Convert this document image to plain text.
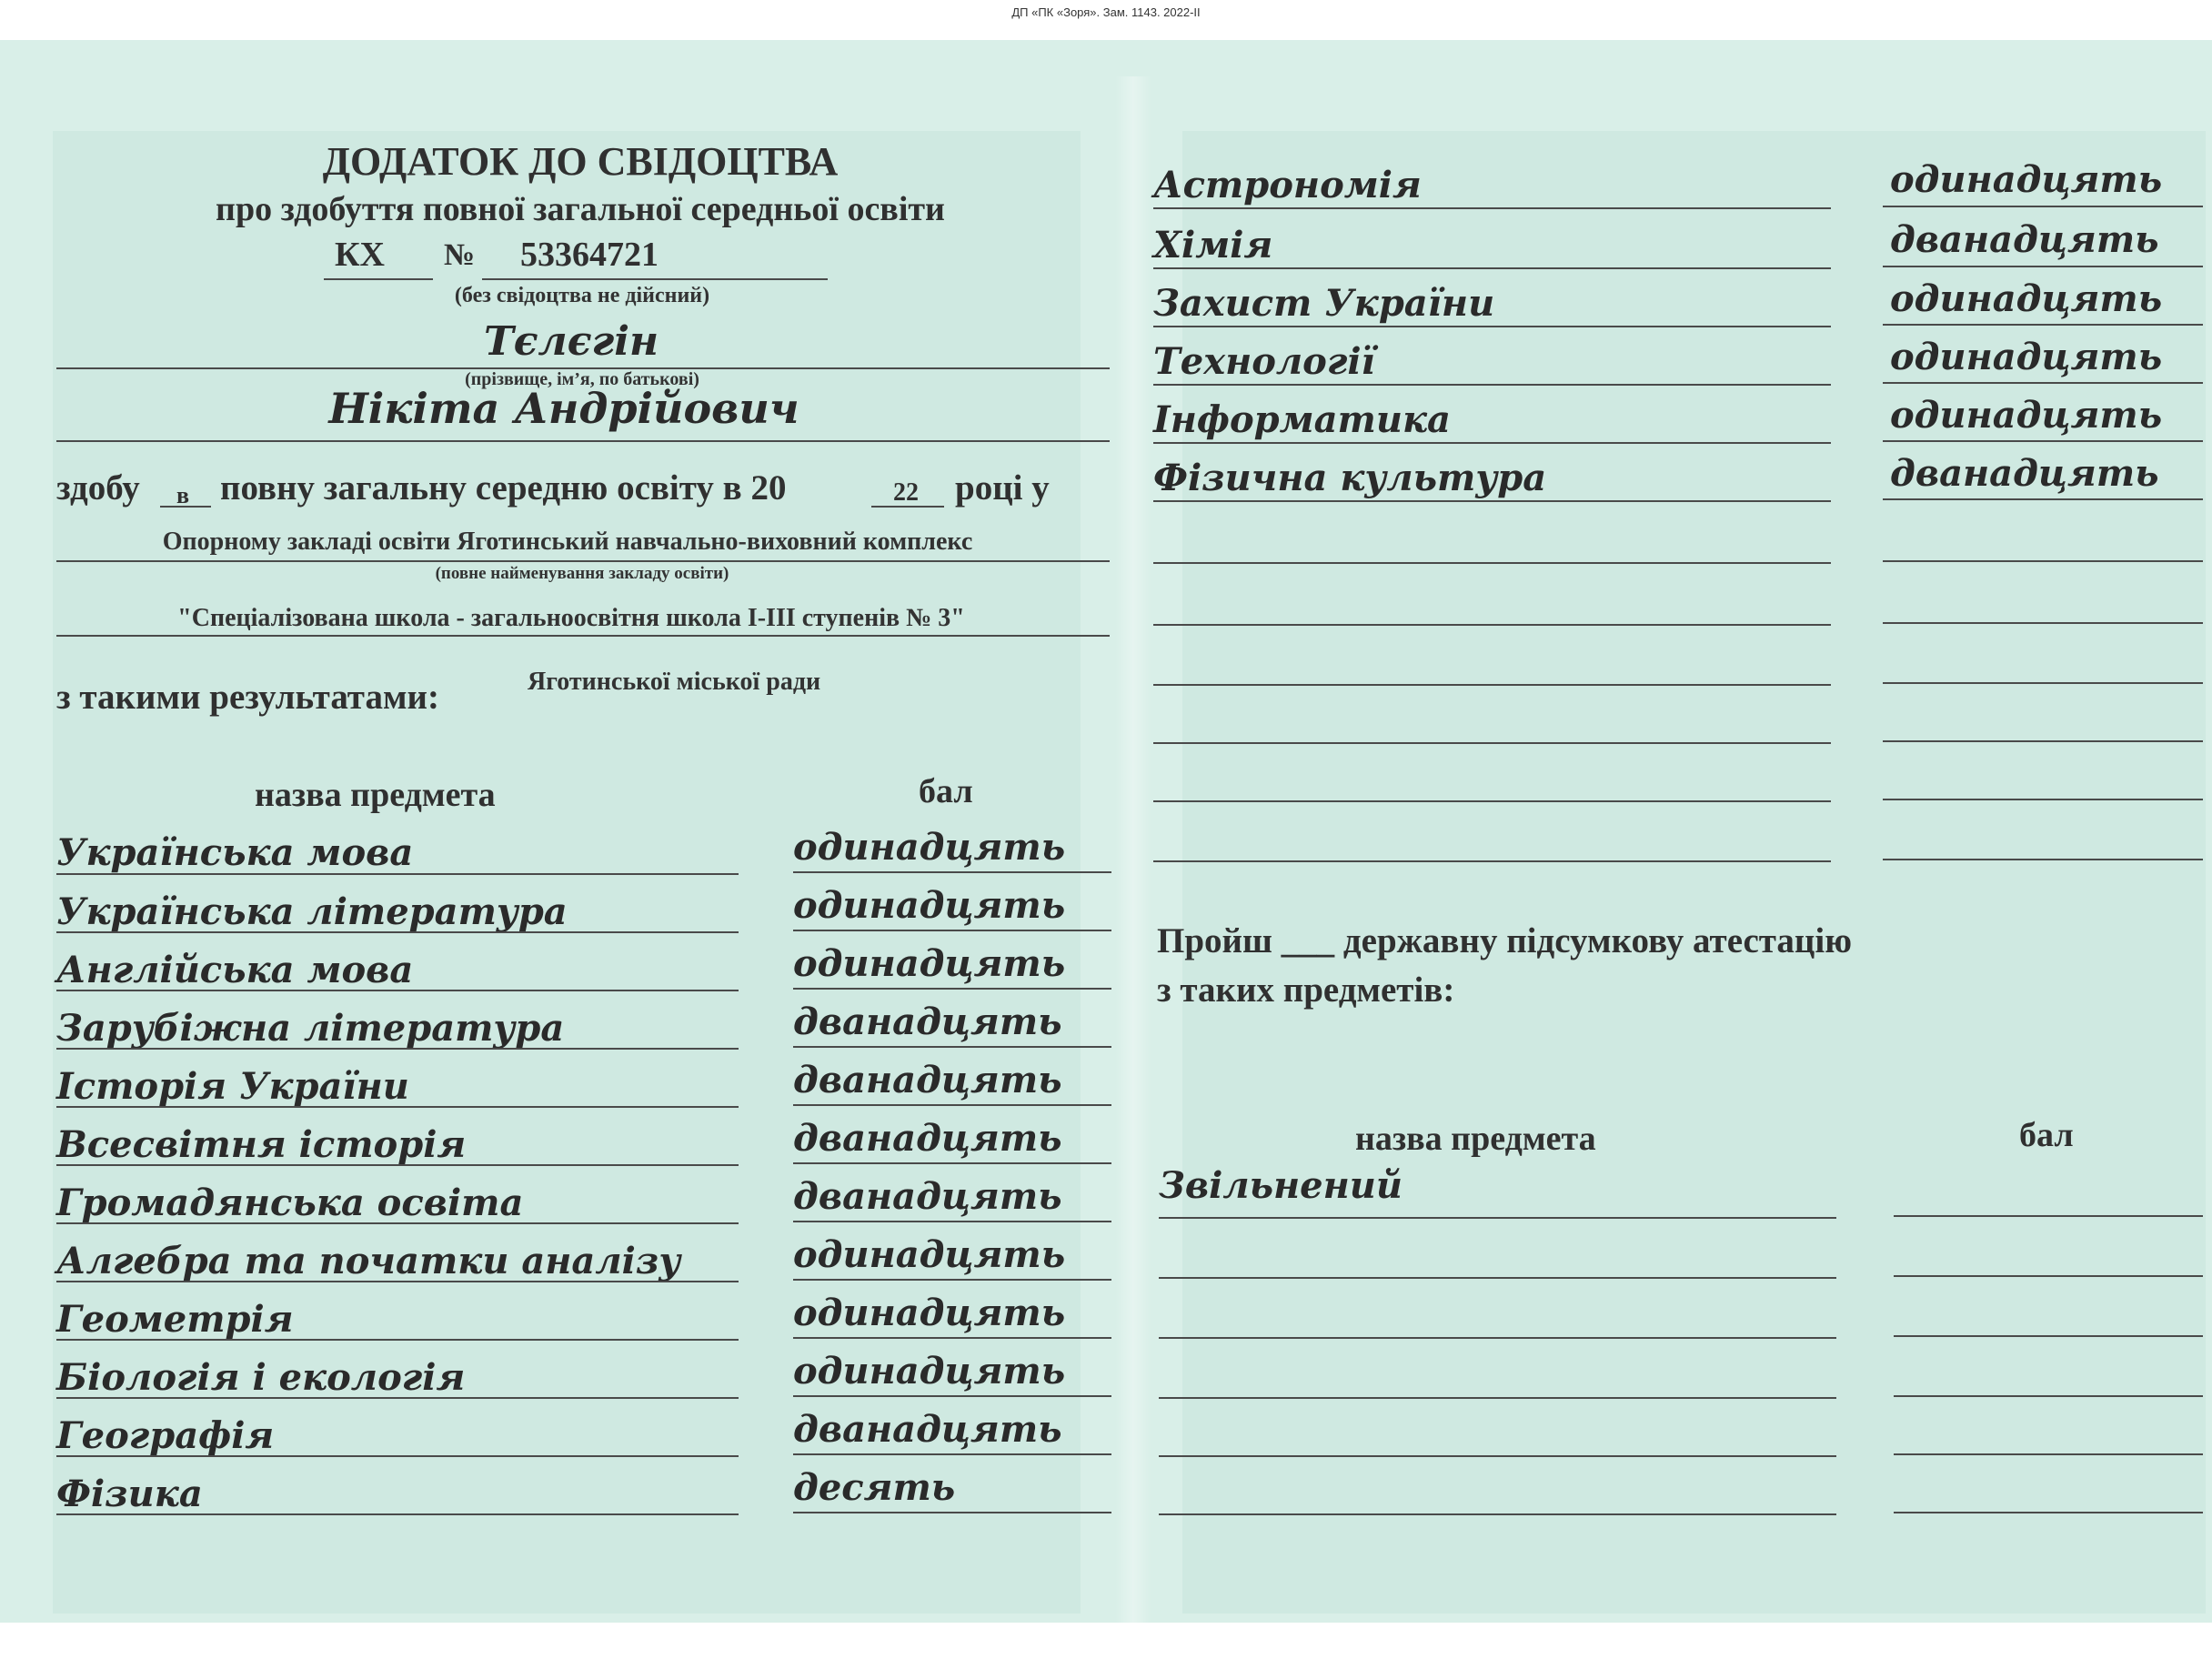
ДП «ПК «Зоря». Зам. 1143. 2022-ІІ
ДОДАТОК ДО СВІДОЦТВА
про здобуття повної загальної середньої освіти
КХ № 53364721
(без свідоцтва не дійсний)
Тєлєгін
(прізвище, ім’я, по батькові)
Нікіта Андрійович
здобу в повну загальну середню освіту в 20	22 році у
Опорному закладі освіти Яготинський навчально-виховний комплекс
(повне найменування закладу освіти)
"Спеціалізована школа - загальноосвітня школа І-ІІІ ступенів № 3"
з такими результатами:	Яготинської міської ради
назва предмета	бал
Українська мова	одинадцять
Українська література	одинадцять
Англійська мова	одинадцять
Зарубіжна література	дванадцять
Історія України	дванадцять
Всесвітня історія	дванадцять
Громадянська освіта	дванадцять
Алгебра та початки аналізу	одинадцять
Геометрія	одинадцять
Біологія і екологія	одинадцять
Географія	дванадцять
Фізика	десять
Астрономія	одинадцять
Хімія	дванадцять
Захист України	одинадцять
Технології	одинадцять
Інформатика	одинадцять
Фізична культура	дванадцять
Пройш ___ державну підсумкову атестацію
з таких предметів:
назва предмета	бал
Звільнений
